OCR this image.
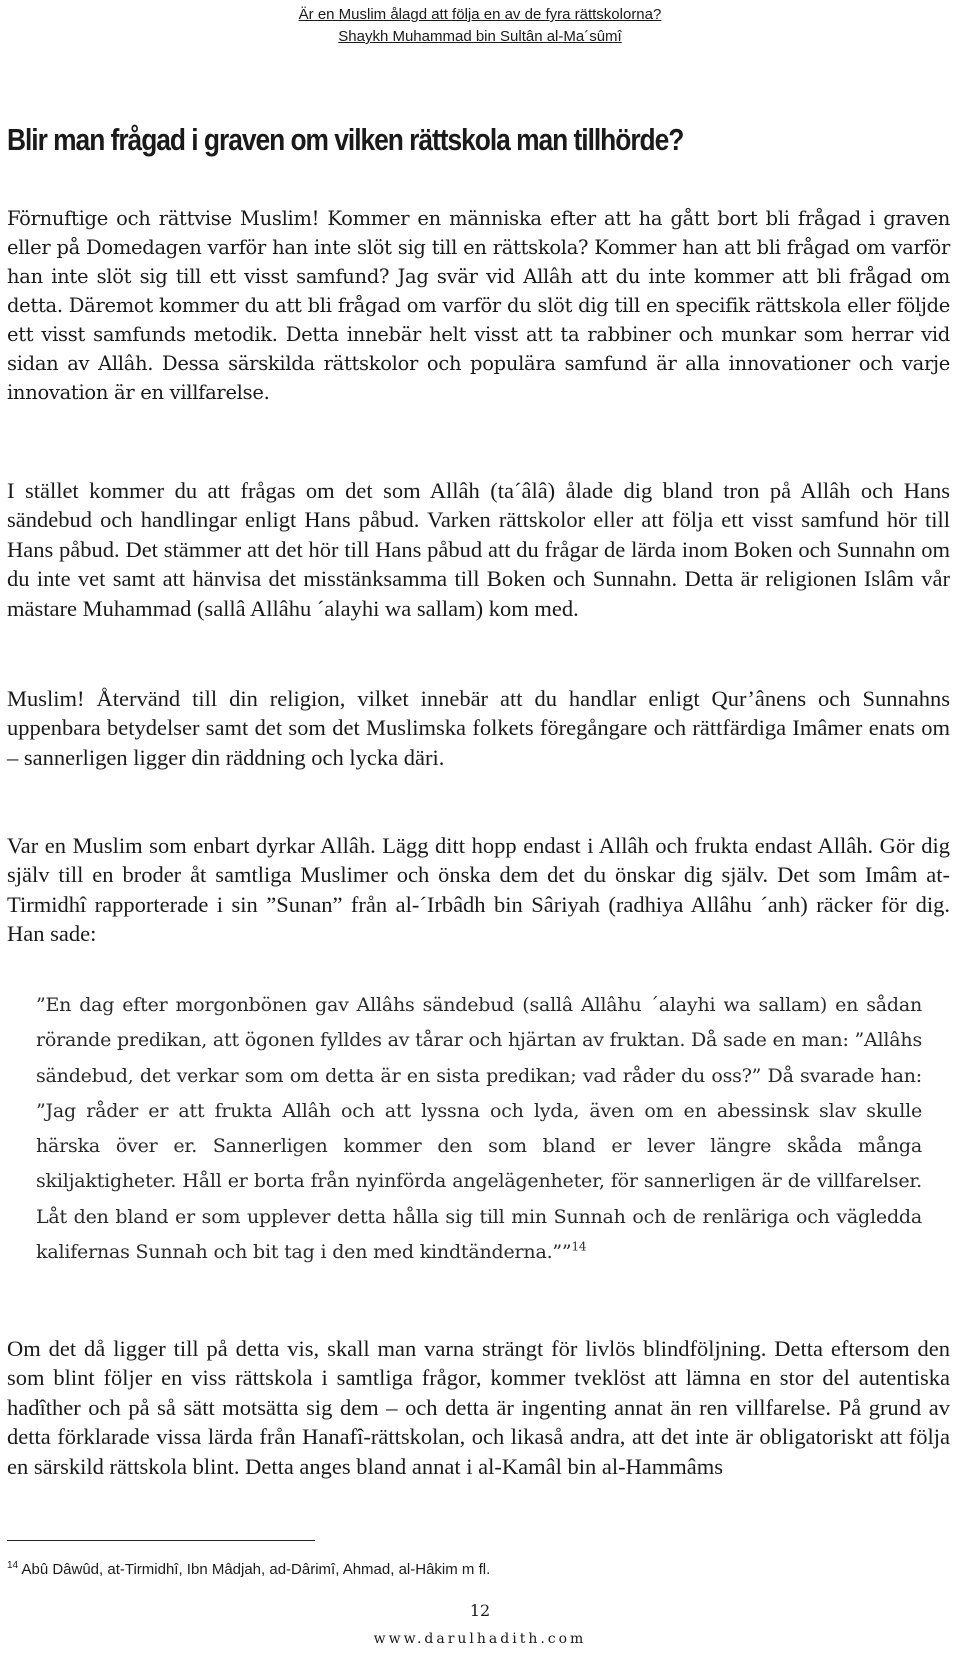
Är en Muslim ålagd att följa en av de fyra rättskolorna?
Shaykh Muhammad bin Sultân al-Ma´sûmî
Blir man frågad i graven om vilken rättskola man tillhörde?

Förnuftige och rättvise Muslim! Kommer en människa efter att ha gått bort bli frågad i graven eller på Domedagen varför han inte slöt sig till en rättskola? Kommer han att bli frågad om varför han inte slöt sig till ett visst samfund? Jag svär vid Allâh att du inte kommer att bli frågad om detta. Däremot kommer du att bli frågad om varför du slöt dig till en specifik rättskola eller följde ett visst samfunds metodik. Detta innebär helt visst att ta rabbiner och munkar som herrar vid sidan av Allâh. Dessa särskilda rättskolor och populära samfund är alla innovationer och varje innovation är en villfarelse.

I stället kommer du att frågas om det som Allâh (ta´âlâ) ålade dig bland tron på Allâh och Hans sändebud och handlingar enligt Hans påbud. Varken rättskolor eller att följa ett visst samfund hör till Hans påbud. Det stämmer att det hör till Hans påbud att du frågar de lärda inom Boken och Sunnahn om du inte vet samt att hänvisa det misstänksamma till Boken och Sunnahn. Detta är religionen Islâm vår mästare Muhammad (sallâ Allâhu ´alayhi wa sallam) kom med.

Muslim! Återvänd till din religion, vilket innebär att du handlar enligt Qur’ânens och Sunnahns uppenbara betydelser samt det som det Muslimska folkets föregångare och rättfärdiga Imâmer enats om – sannerligen ligger din räddning och lycka däri.

Var en Muslim som enbart dyrkar Allâh. Lägg ditt hopp endast i Allâh och frukta endast Allâh. Gör dig själv till en broder åt samtliga Muslimer och önska dem det du önskar dig själv. Det som Imâm at-Tirmidhî rapporterade i sin ”Sunan” från al-´Irbâdh bin Sâriyah (radhiya Allâhu ´anh) räcker för dig. Han sade:

”En dag efter morgonbönen gav Allâhs sändebud (sallâ Allâhu ´alayhi wa sallam) en sådan rörande predikan, att ögonen fylldes av tårar och hjärtan av fruktan. Då sade en man: ”Allâhs sändebud, det verkar som om detta är en sista predikan; vad råder du oss?” Då svarade han: ”Jag råder er att frukta Allâh och att lyssna och lyda, även om en abessinsk slav skulle härska över er. Sannerligen kommer den som bland er lever längre skåda många skiljaktigheter. Håll er borta från nyinförda angelägenheter, för sannerligen är de villfarelser. Låt den bland er som upplever detta hålla sig till min Sunnah och de renläriga och vägledda kalifernas Sunnah och bit tag i den med kindtänderna.””$^{14}$

Om det då ligger till på detta vis, skall man varna strängt för livlös blindföljning. Detta eftersom den som blint följer en viss rättskola i samtliga frågor, kommer tveklöst att lämna en stor del autentiska hadîther och på så sätt motsätta sig dem – och detta är ingenting annat än ren villfarelse. På grund av detta förklarade vissa lärda från Hanafî-rättskolan, och likaså andra, att det inte är obligatoriskt att följa en särskild rättskola blint. Detta anges bland annat i al-Kamâl bin al-Hammâms

$^{14}$ Abû Dâwûd, at-Tirmidhî, Ibn Mâdjah, ad-Dârimî, Ahmad, al-Hâkim m fl.

12
www.darulhadith.com
